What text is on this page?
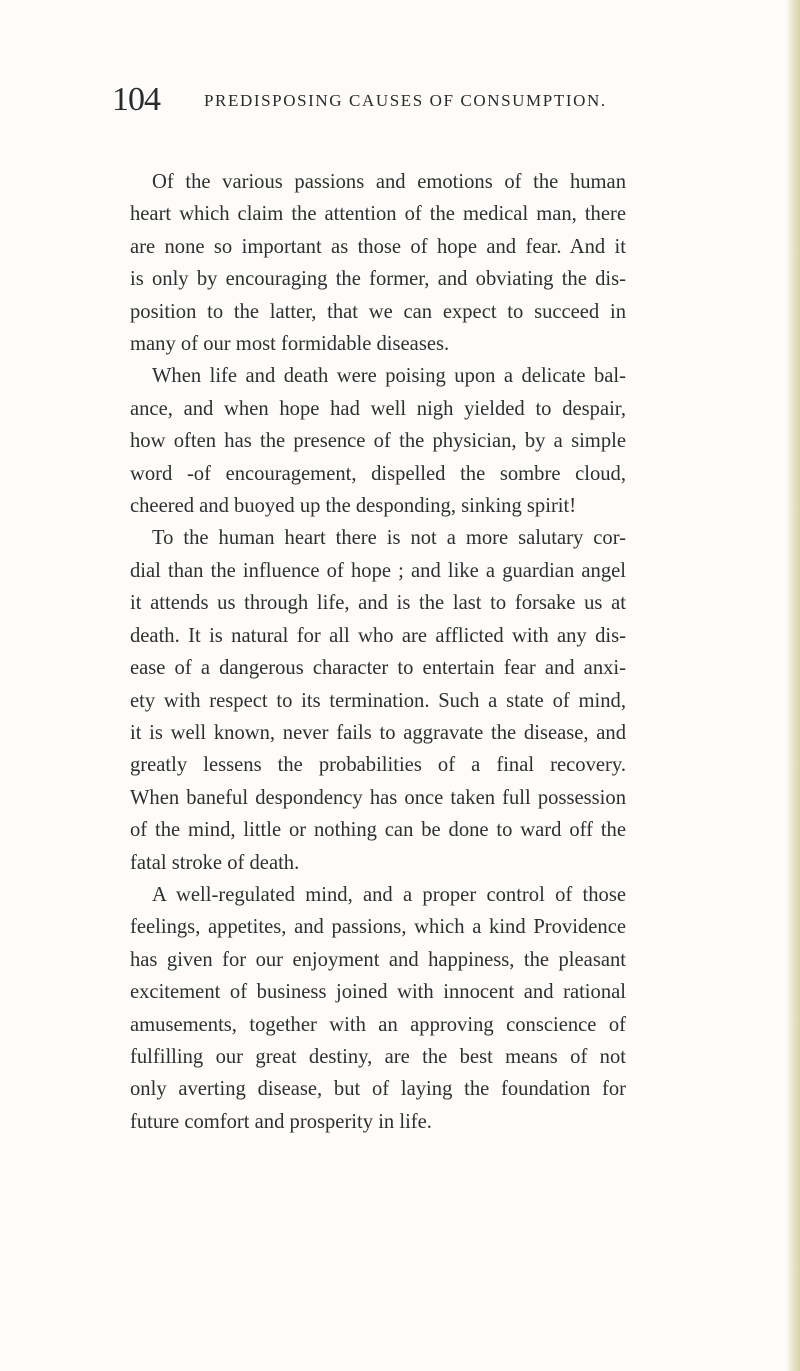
104	PREDISPOSING CAUSES OF CONSUMPTION.
Of the various passions and emotions of the human
heart which claim the attention of the medical man, there
are none so important as those of hope and fear. And it
is only by encouraging the former, and obviating the dis-
position to the latter, that we can expect to succeed in
many of our most formidable diseases.
When life and death were poising upon a delicate bal-
ance, and when hope had well nigh yielded to despair,
how often has the presence of the physician, by a simple
word -of encouragement, dispelled the sombre cloud,
cheered and buoyed up the desponding, sinking spirit!
To the human heart there is not a more salutary cor-
dial than the influence of hope ; and like a guardian angel
it attends us through life, and is the last to forsake us at
death. It is natural for all who are afflicted with any dis-
ease of a dangerous character to entertain fear and anxi-
ety with respect to its termination. Such a state of mind,
it is well known, never fails to aggravate the disease, and
greatly lessens the probabilities of a final recovery.
When baneful despondency has once taken full possession
of the mind, little or nothing can be done to ward off the
fatal stroke of death.
A well-regulated mind, and a proper control of those
feelings, appetites, and passions, which a kind Providence
has given for our enjoyment and happiness, the pleasant
excitement of business joined with innocent and rational
amusements, together with an approving conscience of
fulfilling our great destiny, are the best means of not
only averting disease, but of laying the foundation for
future comfort and prosperity in life.
